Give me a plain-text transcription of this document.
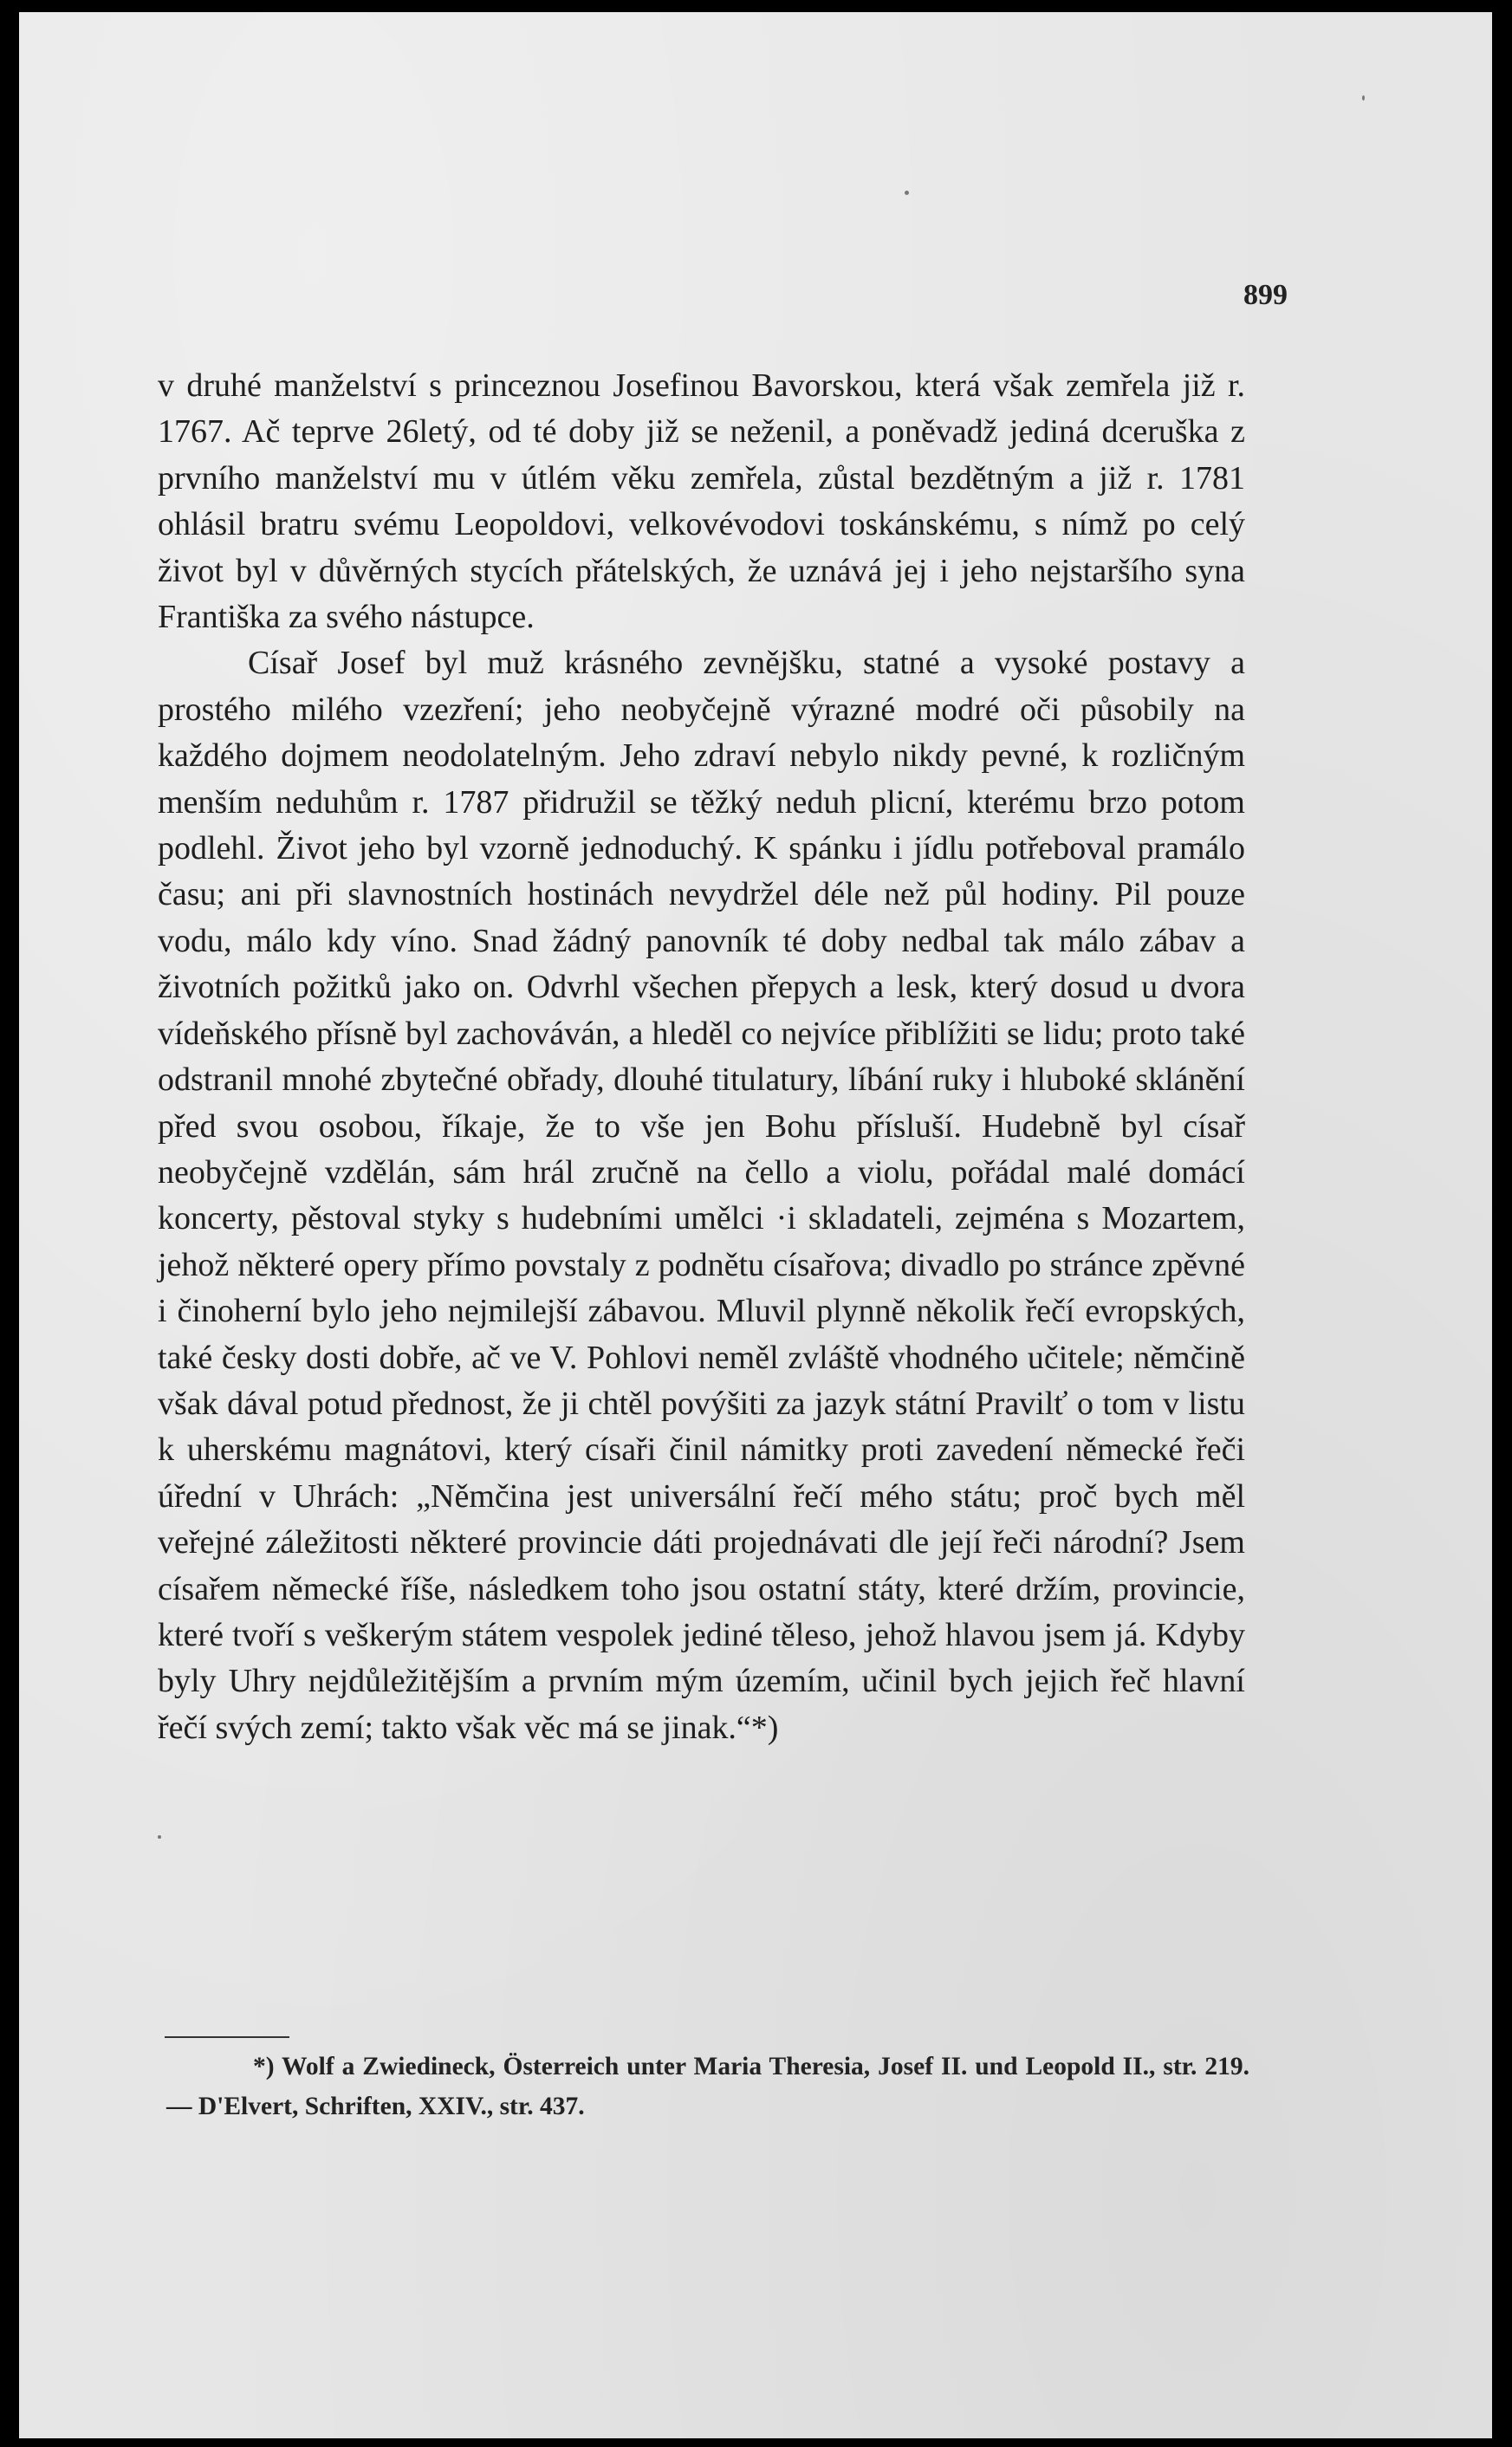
899

v druhé manželství s princeznou Josefinou Bavorskou, která však zemřela již r. 1767. Ač teprve 26letý, od té doby již se neženil, a poněvadž jediná dceruška z prvního manželství mu v útlém věku zemřela, zůstal bezdětným a již r. 1781 ohlásil bratru svému Leopoldovi, velkovévodovi toskánskému, s nímž po celý život byl v důvěrných stycích přátelských, že uznává jej i jeho nejstaršího syna Františka za svého nástupce.

Císař Josef byl muž krásného zevnějšku, statné a vysoké postavy a prostého milého vzezření; jeho neobyčejně výrazné modré oči působily na každého dojmem neodolatelným. Jeho zdraví nebylo nikdy pevné, k rozličným menším neduhům r. 1787 přidružil se těžký neduh plicní, kterému brzo potom podlehl. Život jeho byl vzorně jednoduchý. K spánku i jídlu potřeboval pramálo času; ani při slavnostních hostinách nevydržel déle než půl hodiny. Pil pouze vodu, málo kdy víno. Snad žádný panovník té doby nedbal tak málo zábav a životních požitků jako on. Odvrhl všechen přepych a lesk, který dosud u dvora vídeňského přísně byl zachováván, a hleděl co nejvíce přiblížiti se lidu; proto také odstranil mnohé zbytečné obřady, dlouhé titulatury, líbání ruky i hluboké sklánění před svou osobou, říkaje, že to vše jen Bohu přísluší. Hudebně byl císař neobyčejně vzdělán, sám hrál zručně na čello a violu, pořádal malé domácí koncerty, pěstoval styky s hudebními umělci ·i skladateli, zejména s Mozartem, jehož některé opery přímo povstaly z podnětu císařova; divadlo po stránce zpěvné i činoherní bylo jeho nejmilejší zábavou. Mluvil plynně několik řečí evropských, také česky dosti dobře, ač ve V. Pohlovi neměl zvláště vhodného učitele; němčině však dával potud přednost, že ji chtěl povýšiti za jazyk státní Pravilť o tom v listu k uherskému magnátovi, který císaři činil námitky proti zavedení německé řeči úřední v Uhrách: „Němčina jest universální řečí mého státu; proč bych měl veřejné záležitosti některé provincie dáti projednávati dle její řeči národní? Jsem císařem německé říše, následkem toho jsou ostatní státy, které držím, provincie, které tvoří s veškerým státem vespolek jediné těleso, jehož hlavou jsem já. Kdyby byly Uhry nejdůležitějším a prvním mým územím, učinil bych jejich řeč hlavní řečí svých zemí; takto však věc má se jinak.“*)

*) Wolf a Zwiedineck, Österreich unter Maria Theresia, Josef II. und Leopold II., str. 219. — D'Elvert, Schriften, XXIV., str. 437.
